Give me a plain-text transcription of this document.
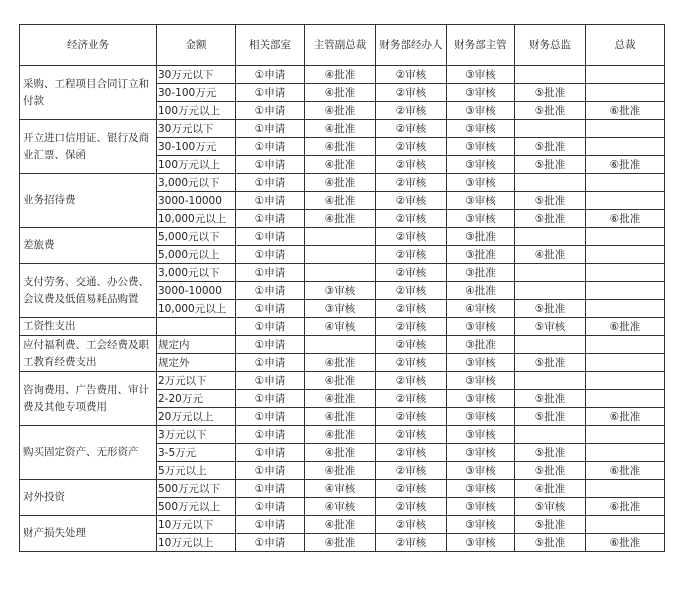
经济业务	金额	相关部室	主管副总裁	财务部经办人	财务部主管	财务总监	总裁
采购、工程项目合同订立和付款	30万元以下	①申请	④批准	②审核	③审核		
	30-100万元	①申请	④批准	②审核	③审核	⑤批准	
	100万元以上	①申请	④批准	②审核	③审核	⑤批准	⑥批准
开立进口信用证、银行及商业汇票、保函	30万元以下	①申请	④批准	②审核	③审核		
	30-100万元	①申请	④批准	②审核	③审核	⑤批准	
	100万元以上	①申请	④批准	②审核	③审核	⑤批准	⑥批准
业务招待费	3,000元以下	①申请	④批准	②审核	③审核		
	3000-10000	①申请	④批准	②审核	③审核	⑤批准	
	10,000元以上	①申请	④批准	②审核	③审核	⑤批准	⑥批准
差旅费	5,000元以下	①申请		②审核	③批准		
	5,000元以上	①申请		②审核	③批准	④批准	
支付劳务、交通、办公费、会议费及低值易耗品购置	3,000元以下	①申请		②审核	③批准		
	3000-10000	①申请	③审核	②审核	④批准		
	10,000元以上	①申请	③审核	②审核	④审核	⑤批准	
工资性支出		①申请	④审核	②审核	③审核	⑤审核	⑥批准
应付福利费、工会经费及职工教育经费支出	规定内	①申请		②审核	③批准		
	规定外	①申请	④批准	②审核	③审核	⑤批准	
咨询费用、广告费用、审计费及其他专项费用	2万元以下	①申请	④批准	②审核	③审核		
	2-20万元	①申请	④批准	②审核	③审核	⑤批准	
	20万元以上	①申请	④批准	②审核	③审核	⑤批准	⑥批准
购买固定资产、无形资产	3万元以下	①申请	④批准	②审核	③审核		
	3-5万元	①申请	④批准	②审核	③审核	⑤批准	
	5万元以上	①申请	④批准	②审核	③审核	⑤批准	⑥批准
对外投资	500万元以下	①申请	④审核	②审核	③审核	④批准	
	500万元以上	①申请	④审核	②审核	③审核	⑤审核	⑥批准
财产损失处理	10万元以下	①申请	④批准	②审核	③审核	⑤批准	
	10万元以上	①申请	④批准	②审核	③审核	⑤批准	⑥批准
